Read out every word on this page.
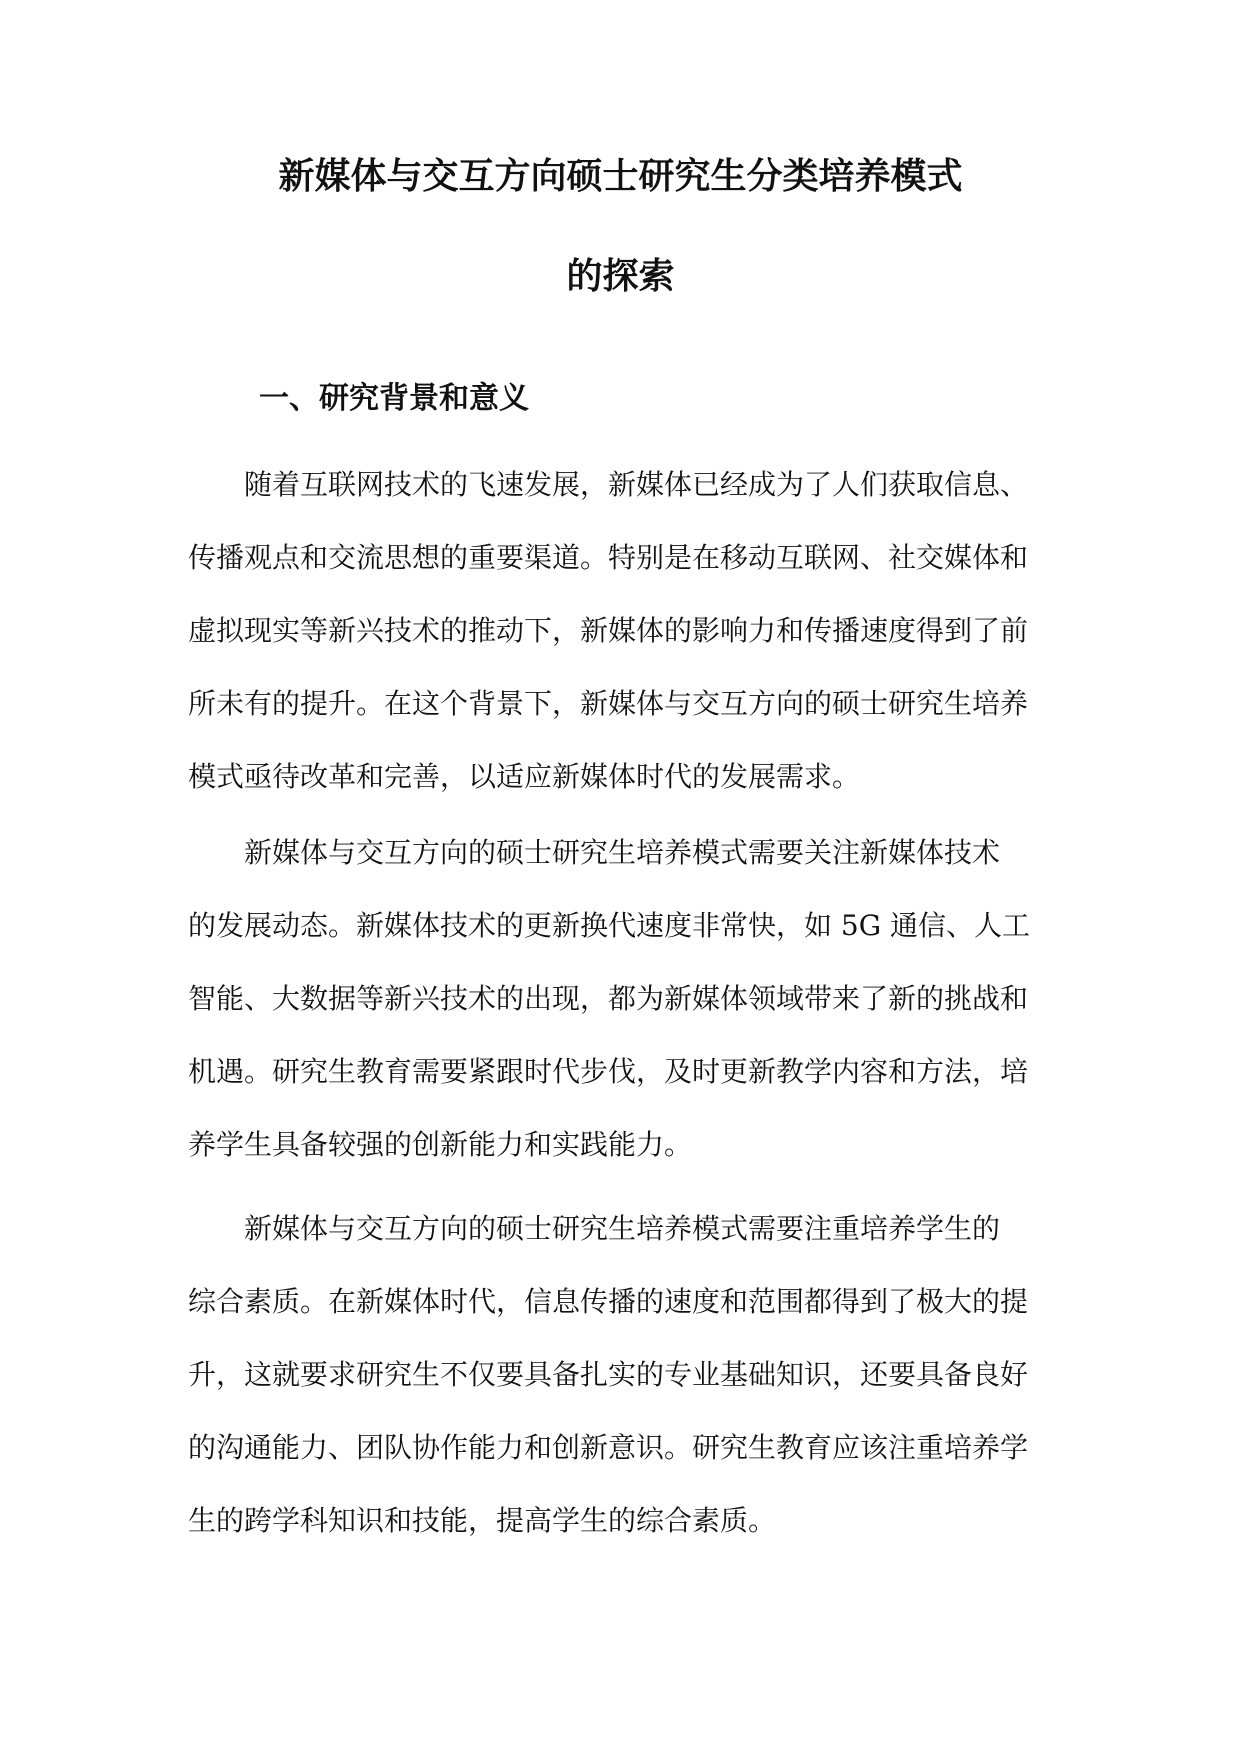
新媒体与交互方向硕士研究生分类培养模式
的探索
一、研究背景和意义

随着互联网技术的飞速发展，新媒体已经成为了人们获取信息、

传播观点和交流思想的重要渠道。特别是在移动互联网、社交媒体和

虚拟现实等新兴技术的推动下，新媒体的影响力和传播速度得到了前

所未有的提升。在这个背景下，新媒体与交互方向的硕士研究生培养

模式亟待改革和完善，以适应新媒体时代的发展需求。

新媒体与交互方向的硕士研究生培养模式需要关注新媒体技术

的发展动态。新媒体技术的更新换代速度非常快，如 5G 通信、人工

智能、大数据等新兴技术的出现，都为新媒体领域带来了新的挑战和

机遇。研究生教育需要紧跟时代步伐，及时更新教学内容和方法，培

养学生具备较强的创新能力和实践能力。

新媒体与交互方向的硕士研究生培养模式需要注重培养学生的

综合素质。在新媒体时代，信息传播的速度和范围都得到了极大的提

升，这就要求研究生不仅要具备扎实的专业基础知识，还要具备良好

的沟通能力、团队协作能力和创新意识。研究生教育应该注重培养学

生的跨学科知识和技能，提高学生的综合素质。
